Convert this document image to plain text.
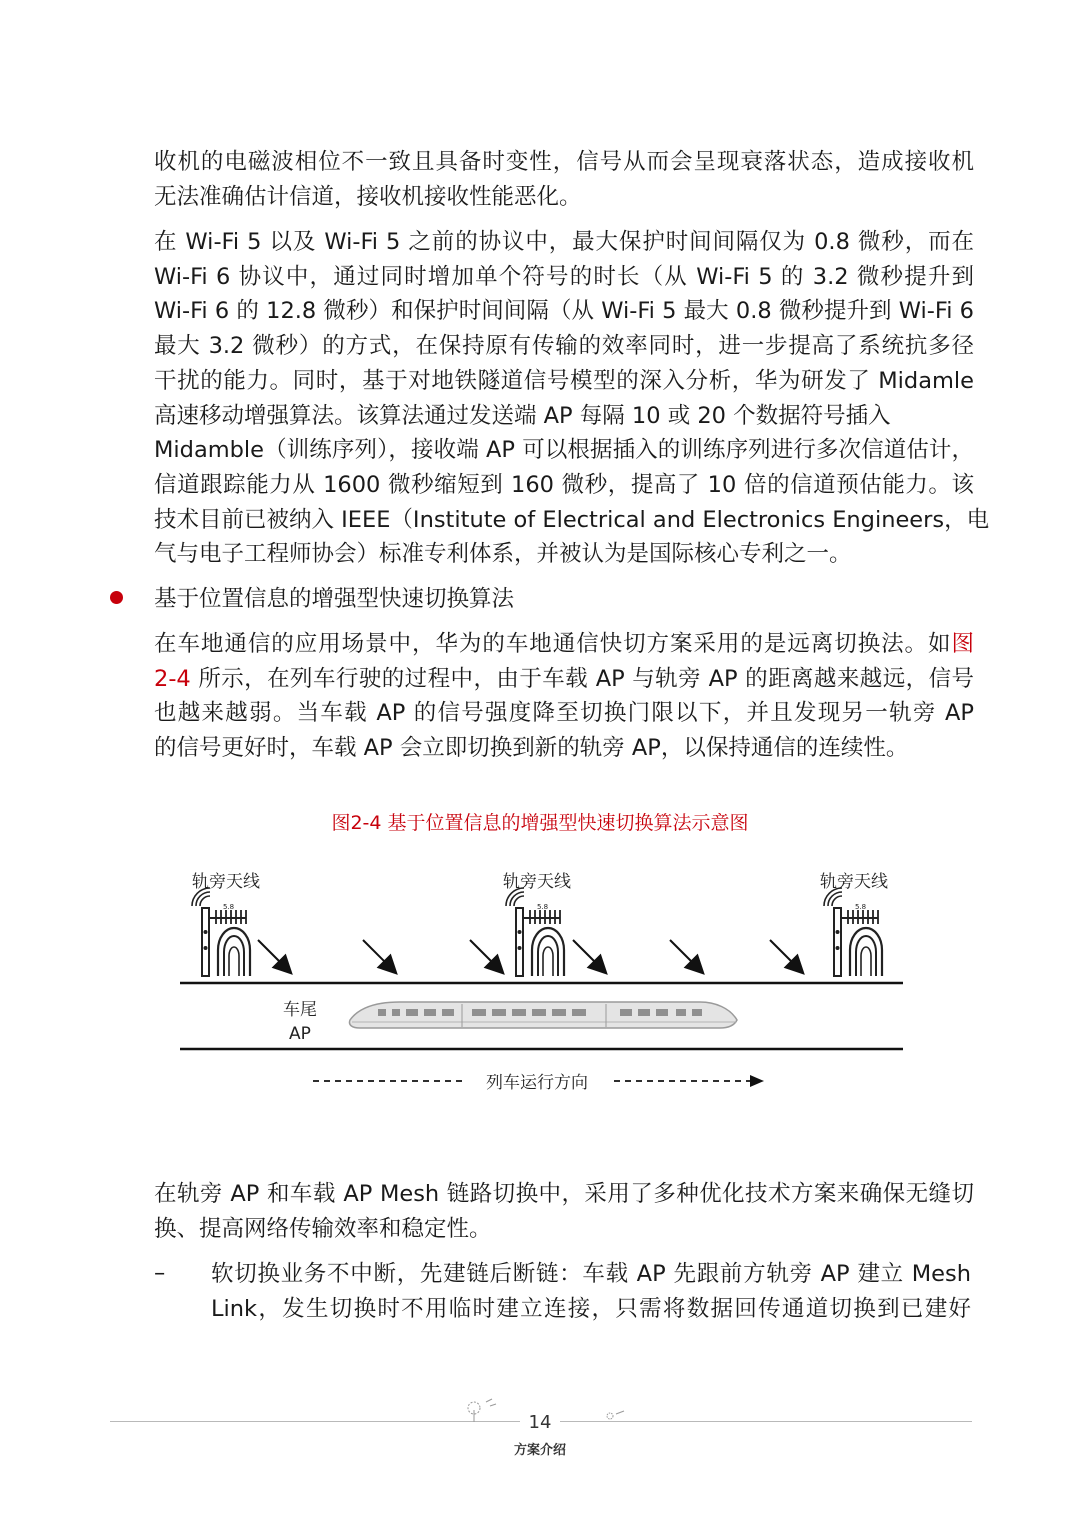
收机的电磁波相位不一致且具备时变性，信号从而会呈现衰落状态，造成接收机
无法准确估计信道，接收机接收性能恶化。

在 Wi-Fi 5 以及 Wi-Fi 5 之前的协议中，最大保护时间间隔仅为 0.8 微秒，而在
Wi-Fi 6 协议中，通过同时增加单个符号的时长（从 Wi-Fi 5 的 3.2 微秒提升到
Wi-Fi 6 的 12.8 微秒）和保护时间间隔（从 Wi-Fi 5 最大 0.8 微秒提升到 Wi-Fi 6
最大 3.2 微秒）的方式，在保持原有传输的效率同时，进一步提高了系统抗多径
干扰的能力。同时，基于对地铁隧道信号模型的深入分析，华为研发了 Midamle
高速移动增强算法。该算法通过发送端 AP 每隔 10 或 20 个数据符号插入
Midamble（训练序列），接收端 AP 可以根据插入的训练序列进行多次信道估计，
信道跟踪能力从 1600 微秒缩短到 160 微秒，提高了 10 倍的信道预估能力。该
技术目前已被纳入 IEEE（Institute of Electrical and Electronics Engineers，电
气与电子工程师协会）标准专利体系，并被认为是国际核心专利之一。

基于位置信息的增强型快速切换算法

在车地通信的应用场景中，华为的车地通信快切方案采用的是远离切换法。如图
2-4 所示，在列车行驶的过程中，由于车载 AP 与轨旁 AP 的距离越来越远，信号
也越来越弱。当车载 AP 的信号强度降至切换门限以下，并且发现另一轨旁 AP
的信号更好时，车载 AP 会立即切换到新的轨旁 AP，以保持通信的连续性。

图2-4 基于位置信息的增强型快速切换算法示意图

轨旁天线	轨旁天线	轨旁天线
5.8	5.8	5.8
车尾
AP
列车运行方向

在轨旁 AP 和车载 AP Mesh 链路切换中，采用了多种优化技术方案来确保无缝切
换、提高网络传输效率和稳定性。

– 软切换业务不中断，先建链后断链：车载 AP 先跟前方轨旁 AP 建立 Mesh
Link，发生切换时不用临时建立连接，只需将数据回传通道切换到已建好

14
方案介绍
